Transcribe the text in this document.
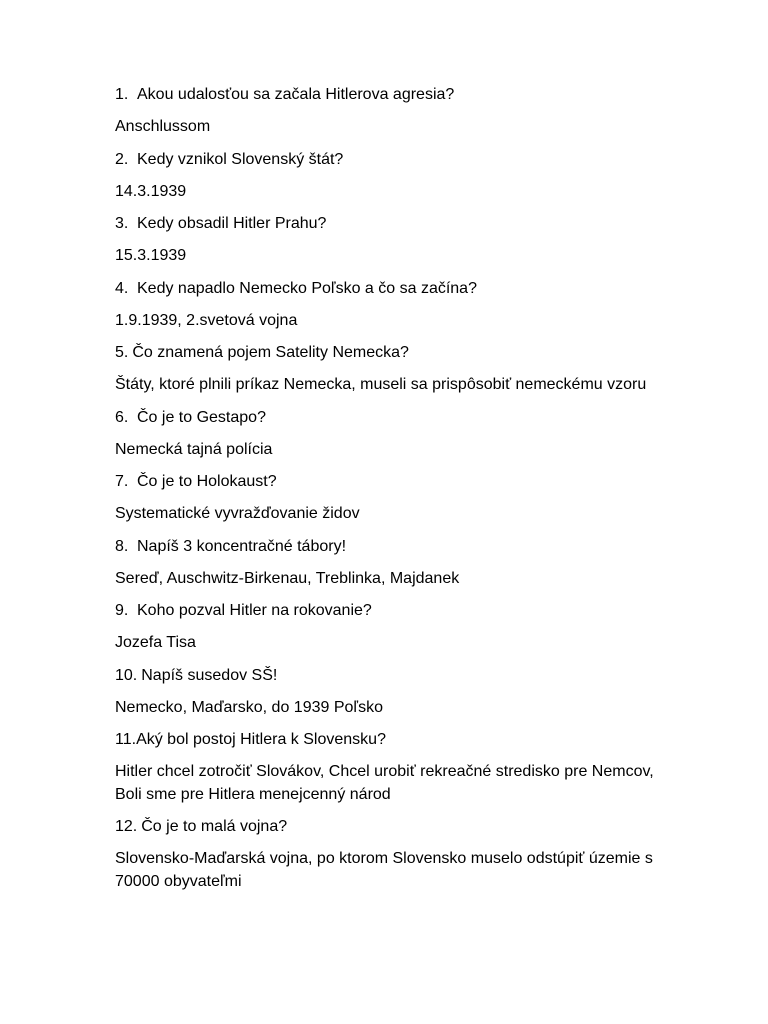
1. Akou udalosťou sa začala Hitlerova agresia?
Anschlussom
2. Kedy vznikol Slovenský štát?
14.3.1939
3. Kedy obsadil Hitler Prahu?
15.3.1939
4. Kedy napadlo Nemecko Poľsko a čo sa začína?
1.9.1939, 2.svetová vojna
5. Čo znamená pojem Satelity Nemecka?
Štáty, ktoré plnili príkaz Nemecka, museli sa prispôsobiť nemeckému vzoru
6. Čo je to Gestapo?
Nemecká tajná polícia
7. Čo je to Holokaust?
Systematické vyvražďovanie židov
8. Napíš 3 koncentračné tábory!
Sereď, Auschwitz-Birkenau, Treblinka, Majdanek
9. Koho pozval Hitler na rokovanie?
Jozefa Tisa
10. Napíš susedov SŠ!
Nemecko, Maďarsko, do 1939 Poľsko
11.Aký bol postoj Hitlera k Slovensku?
Hitler chcel zotročiť Slovákov, Chcel urobiť rekreačné stredisko pre Nemcov, Boli sme pre Hitlera menejcenný národ
12. Čo je to malá vojna?
Slovensko-Maďarská vojna, po ktorom Slovensko muselo odstúpiť územie s 70000 obyvateľmi
